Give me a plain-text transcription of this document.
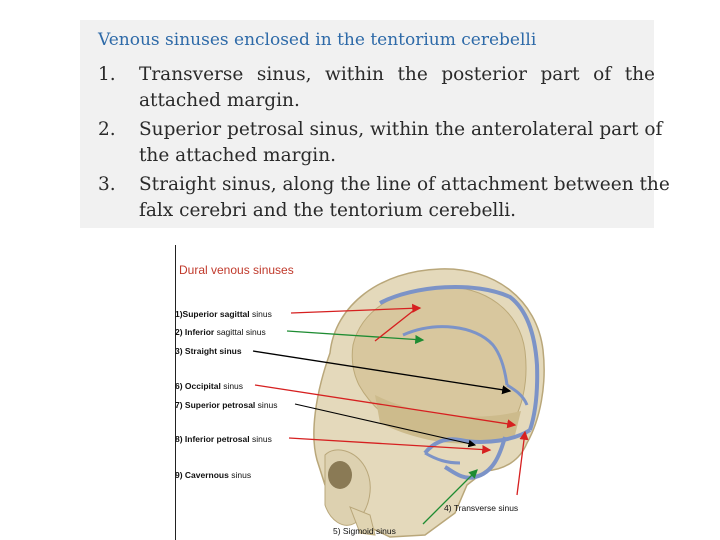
Venous sinuses enclosed in the tentorium cerebelli
1.	Transverse sinus, within the posterior part of the
attached margin.
2.	Superior petrosal sinus, within the anterolateral part of
the attached margin.
3.	Straight sinus, along the line of attachment between the
falx cerebri and the tentorium cerebelli.
Dural venous sinuses
1)Superior sagittal sinus
2) Inferior sagittal sinus
3) Straight sinus
6) Occipital sinus
7) Superior petrosal sinus
8) Inferior petrosal sinus
9) Cavernous sinus
4) Transverse sinus
5) Sigmoid sinus
